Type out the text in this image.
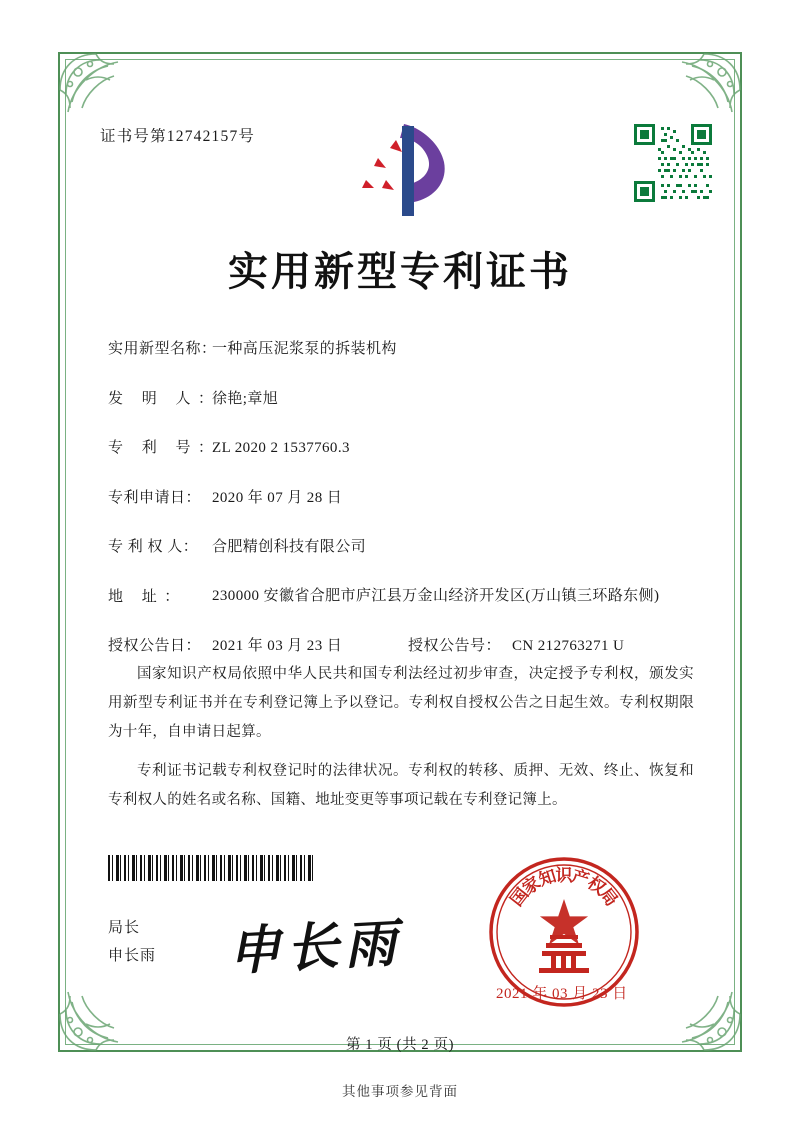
证书号第12742157号
实用新型专利证书
实用新型名称：
一种高压泥浆泵的拆装机构
发 明 人：
徐艳;章旭
专 利 号：
ZL 2020 2 1537760.3
专利申请日： 2020 年 07 月 28 日
专 利 权 人： 合肥精创科技有限公司
地 址：	230000 安徽省合肥市庐江县万金山经济开发区(万山镇三环路东侧)
授权公告日： 2021 年 03 月 23 日	授权公告号： CN 212763271 U

国家知识产权局依照中华人民共和国专利法经过初步审查，决定授予专利权，颁发实用新型专利证书并在专利登记簿上予以登记。专利权自授权公告之日起生效。专利权期限为十年，自申请日起算。

专利证书记载专利权登记时的法律状况。专利权的转移、质押、无效、终止、恢复和专利权人的姓名或名称、国籍、地址变更等事项记载在专利登记簿上。

局长
申长雨 申长雨
国
家
知
识
产
权
局
2021 年 03 月 23 日
第 1 页 (共 2 页)
其他事项参见背面
